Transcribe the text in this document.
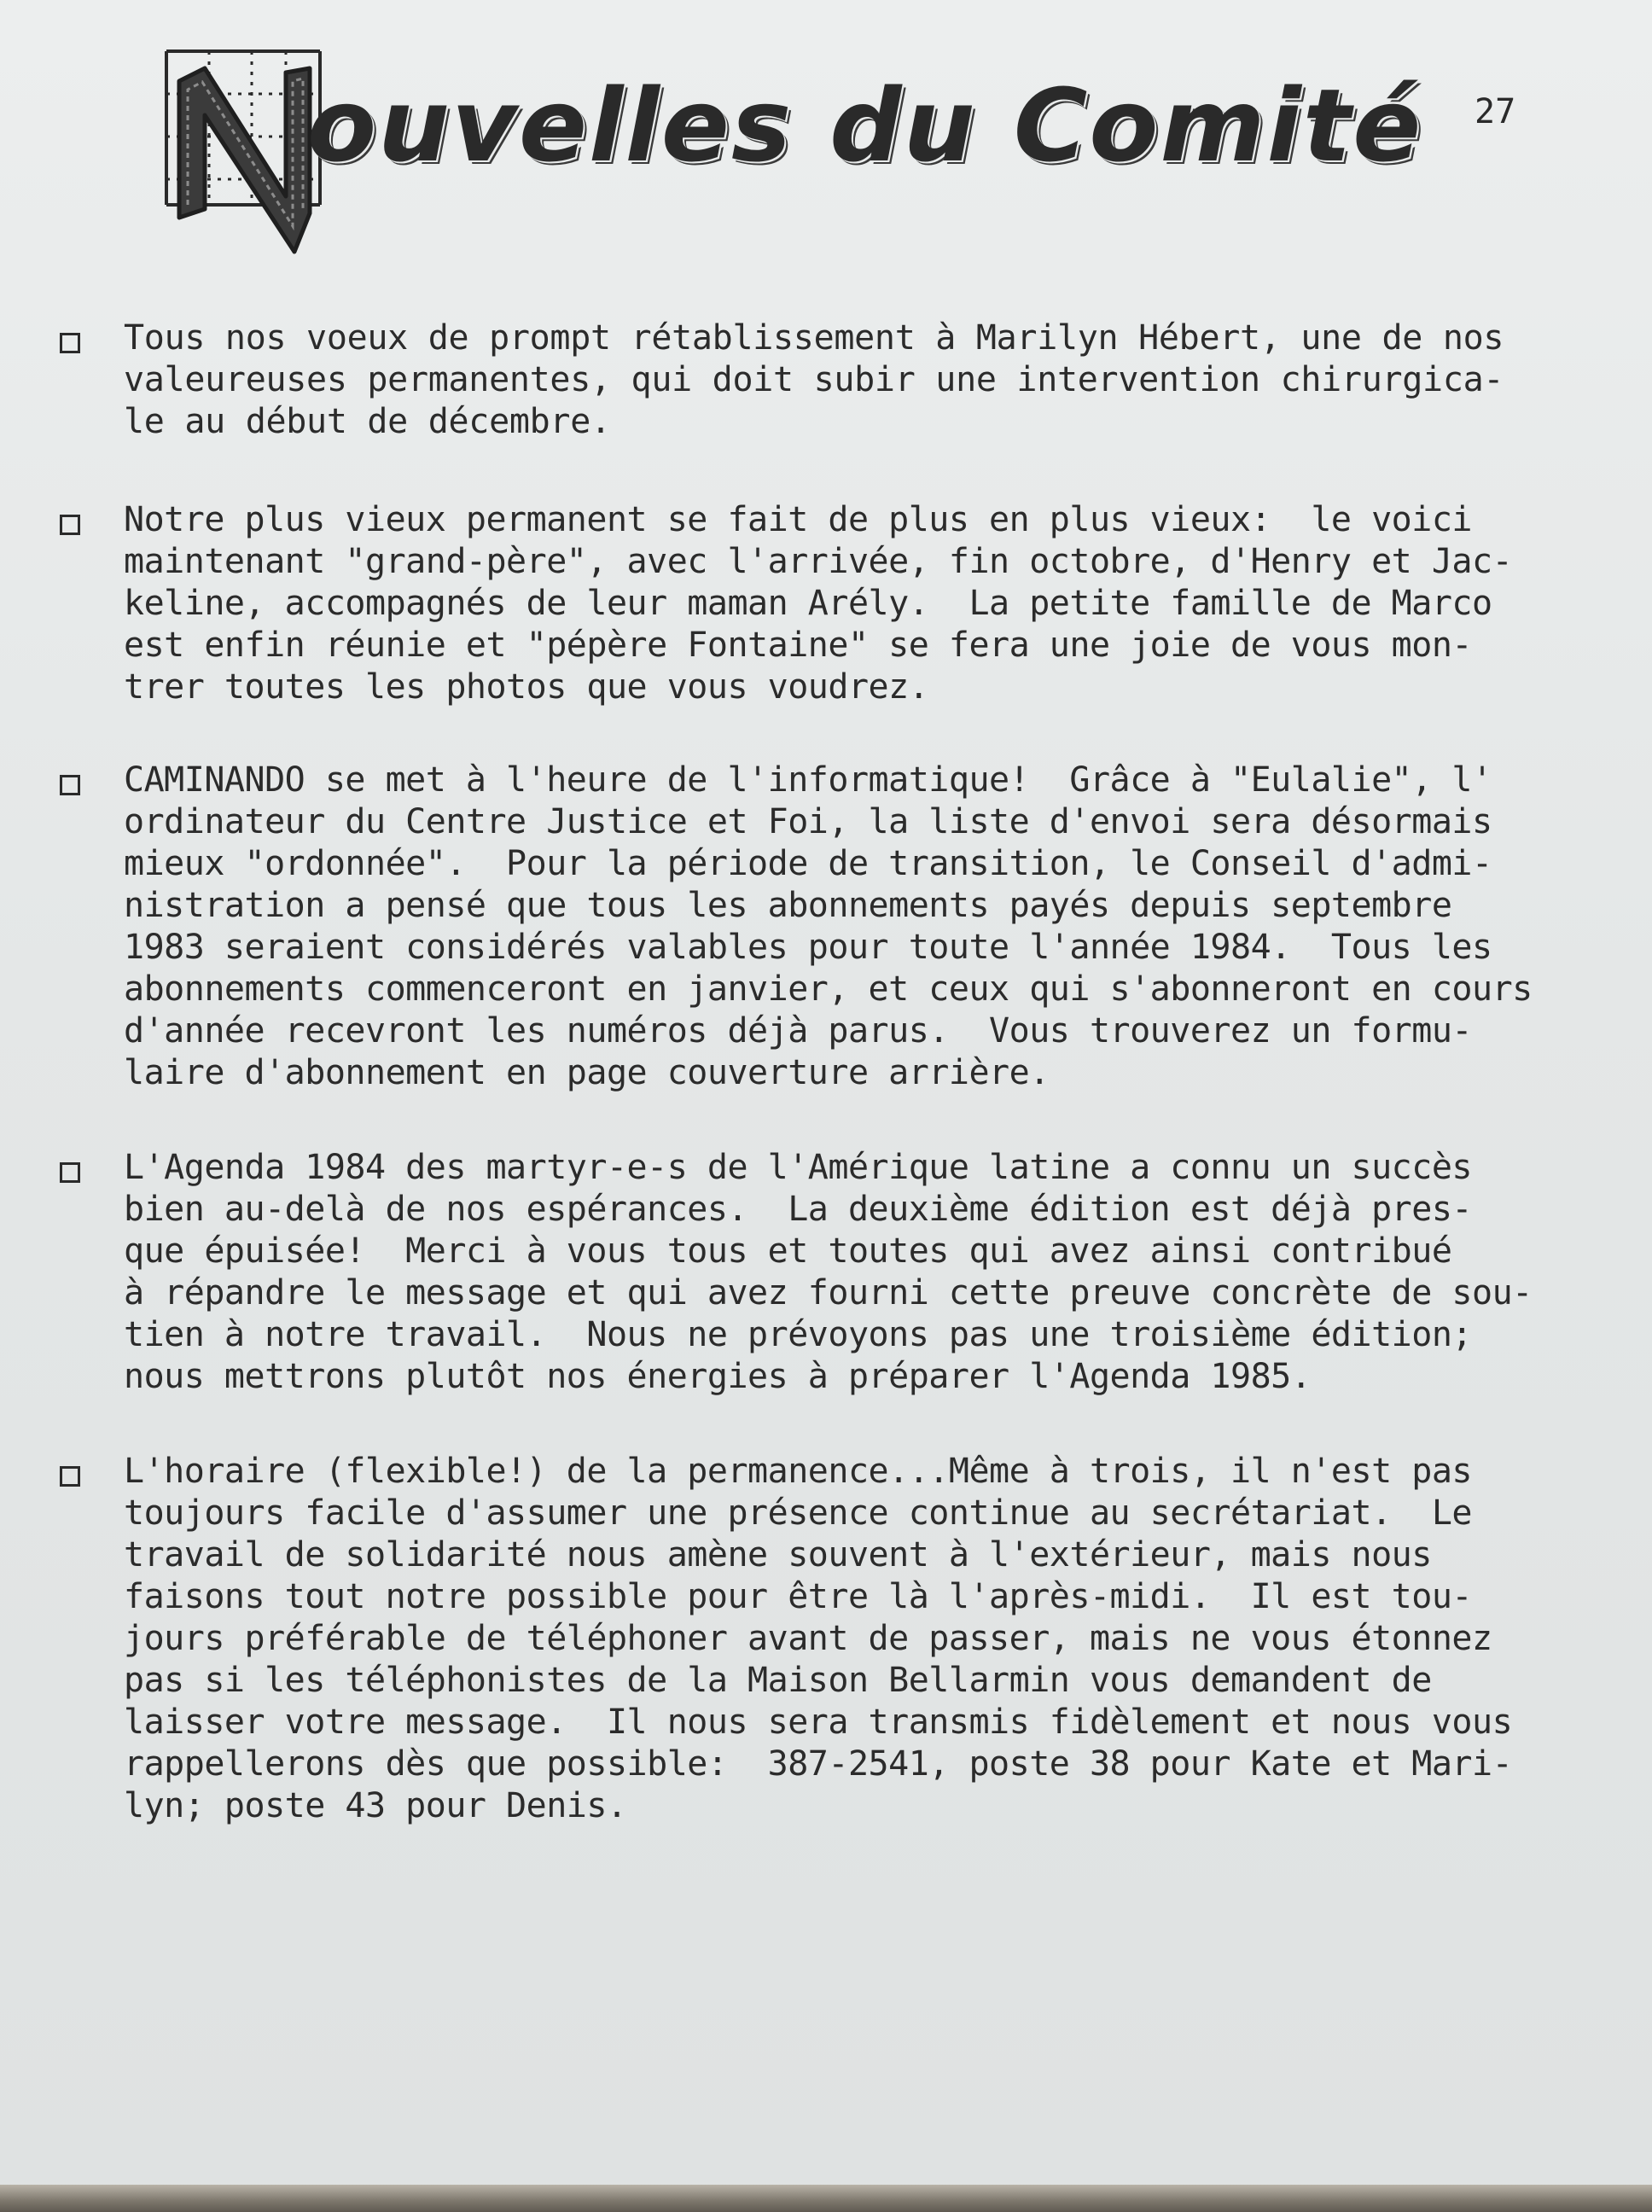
ouvelles du Comité 27
Tous nos voeux de prompt rétablissement à Marilyn Hébert, une de nos
valeureuses permanentes, qui doit subir une intervention chirurgica-
le au début de décembre.
Notre plus vieux permanent se fait de plus en plus vieux:  le voici
maintenant "grand-père", avec l'arrivée, fin octobre, d'Henry et Jac-
keline, accompagnés de leur maman Arély.  La petite famille de Marco
est enfin réunie et "pépère Fontaine" se fera une joie de vous mon-
trer toutes les photos que vous voudrez.
CAMINANDO se met à l'heure de l'informatique!  Grâce à "Eulalie", l'
ordinateur du Centre Justice et Foi, la liste d'envoi sera désormais
mieux "ordonnée".  Pour la période de transition, le Conseil d'admi-
nistration a pensé que tous les abonnements payés depuis septembre
1983 seraient considérés valables pour toute l'année 1984.  Tous les
abonnements commenceront en janvier, et ceux qui s'abonneront en cours
d'année recevront les numéros déjà parus.  Vous trouverez un formu-
laire d'abonnement en page couverture arrière.
L'Agenda 1984 des martyr-e-s de l'Amérique latine a connu un succès
bien au-delà de nos espérances.  La deuxième édition est déjà pres-
que épuisée!  Merci à vous tous et toutes qui avez ainsi contribué
à répandre le message et qui avez fourni cette preuve concrète de sou-
tien à notre travail.  Nous ne prévoyons pas une troisième édition;
nous mettrons plutôt nos énergies à préparer l'Agenda 1985.
L'horaire (flexible!) de la permanence...Même à trois, il n'est pas
toujours facile d'assumer une présence continue au secrétariat.  Le
travail de solidarité nous amène souvent à l'extérieur, mais nous
faisons tout notre possible pour être là l'après-midi.  Il est tou-
jours préférable de téléphoner avant de passer, mais ne vous étonnez
pas si les téléphonistes de la Maison Bellarmin vous demandent de
laisser votre message.  Il nous sera transmis fidèlement et nous vous
rappellerons dès que possible:  387-2541, poste 38 pour Kate et Mari-
lyn; poste 43 pour Denis.
